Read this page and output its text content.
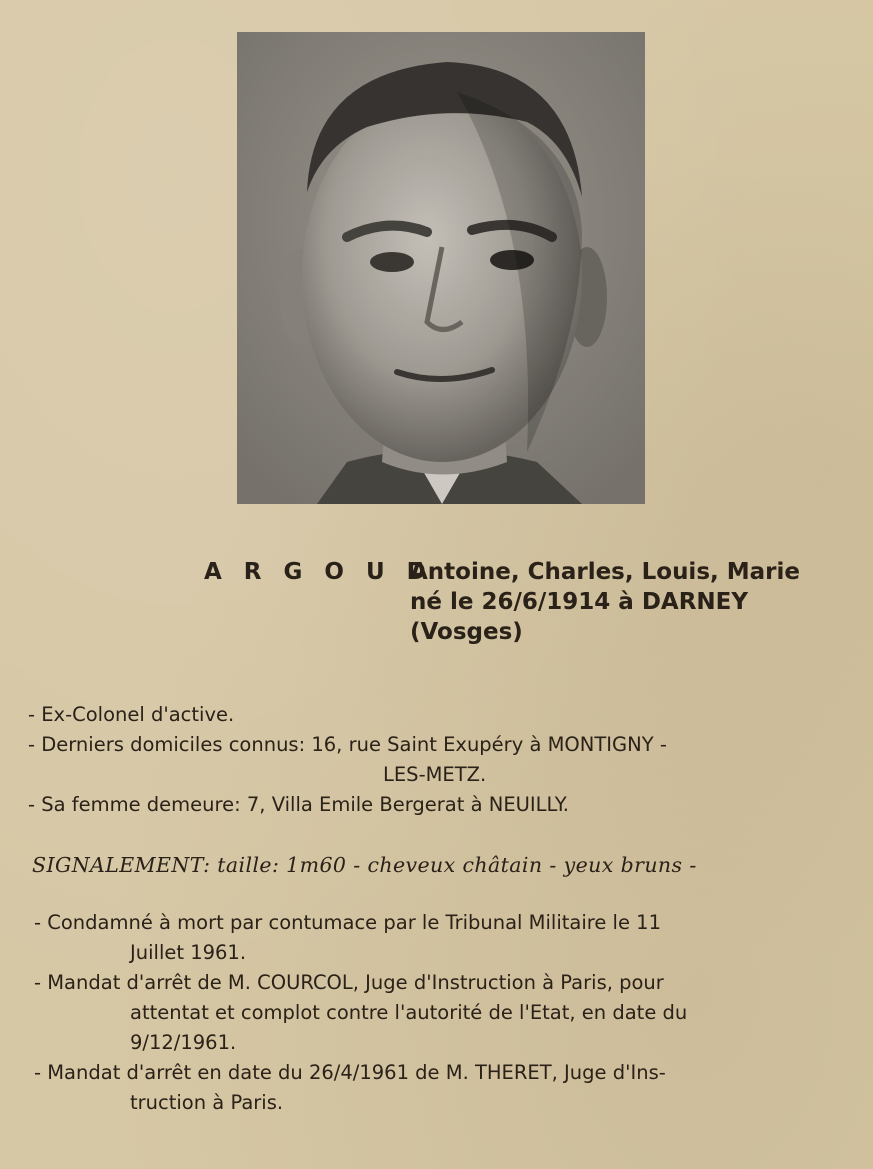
A R G O U D
Antoine, Charles, Louis, Marie
né le 26/6/1914 à DARNEY
(Vosges)
- Ex-Colonel d'active.
- Derniers domiciles connus: 16, rue Saint Exupéry à MONTIGNY -
LES-METZ.
- Sa femme demeure: 7, Villa Emile Bergerat à NEUILLY.
SIGNALEMENT: taille: 1m60 - cheveux châtain - yeux bruns -
- Condamné à mort par contumace par le Tribunal Militaire le 11
Juillet 1961.
- Mandat d'arrêt de M. COURCOL, Juge d'Instruction à Paris, pour
attentat et complot contre l'autorité de l'Etat, en date du
9/12/1961.
- Mandat d'arrêt en date du 26/4/1961 de M. THERET, Juge d'Ins-
truction à Paris.
